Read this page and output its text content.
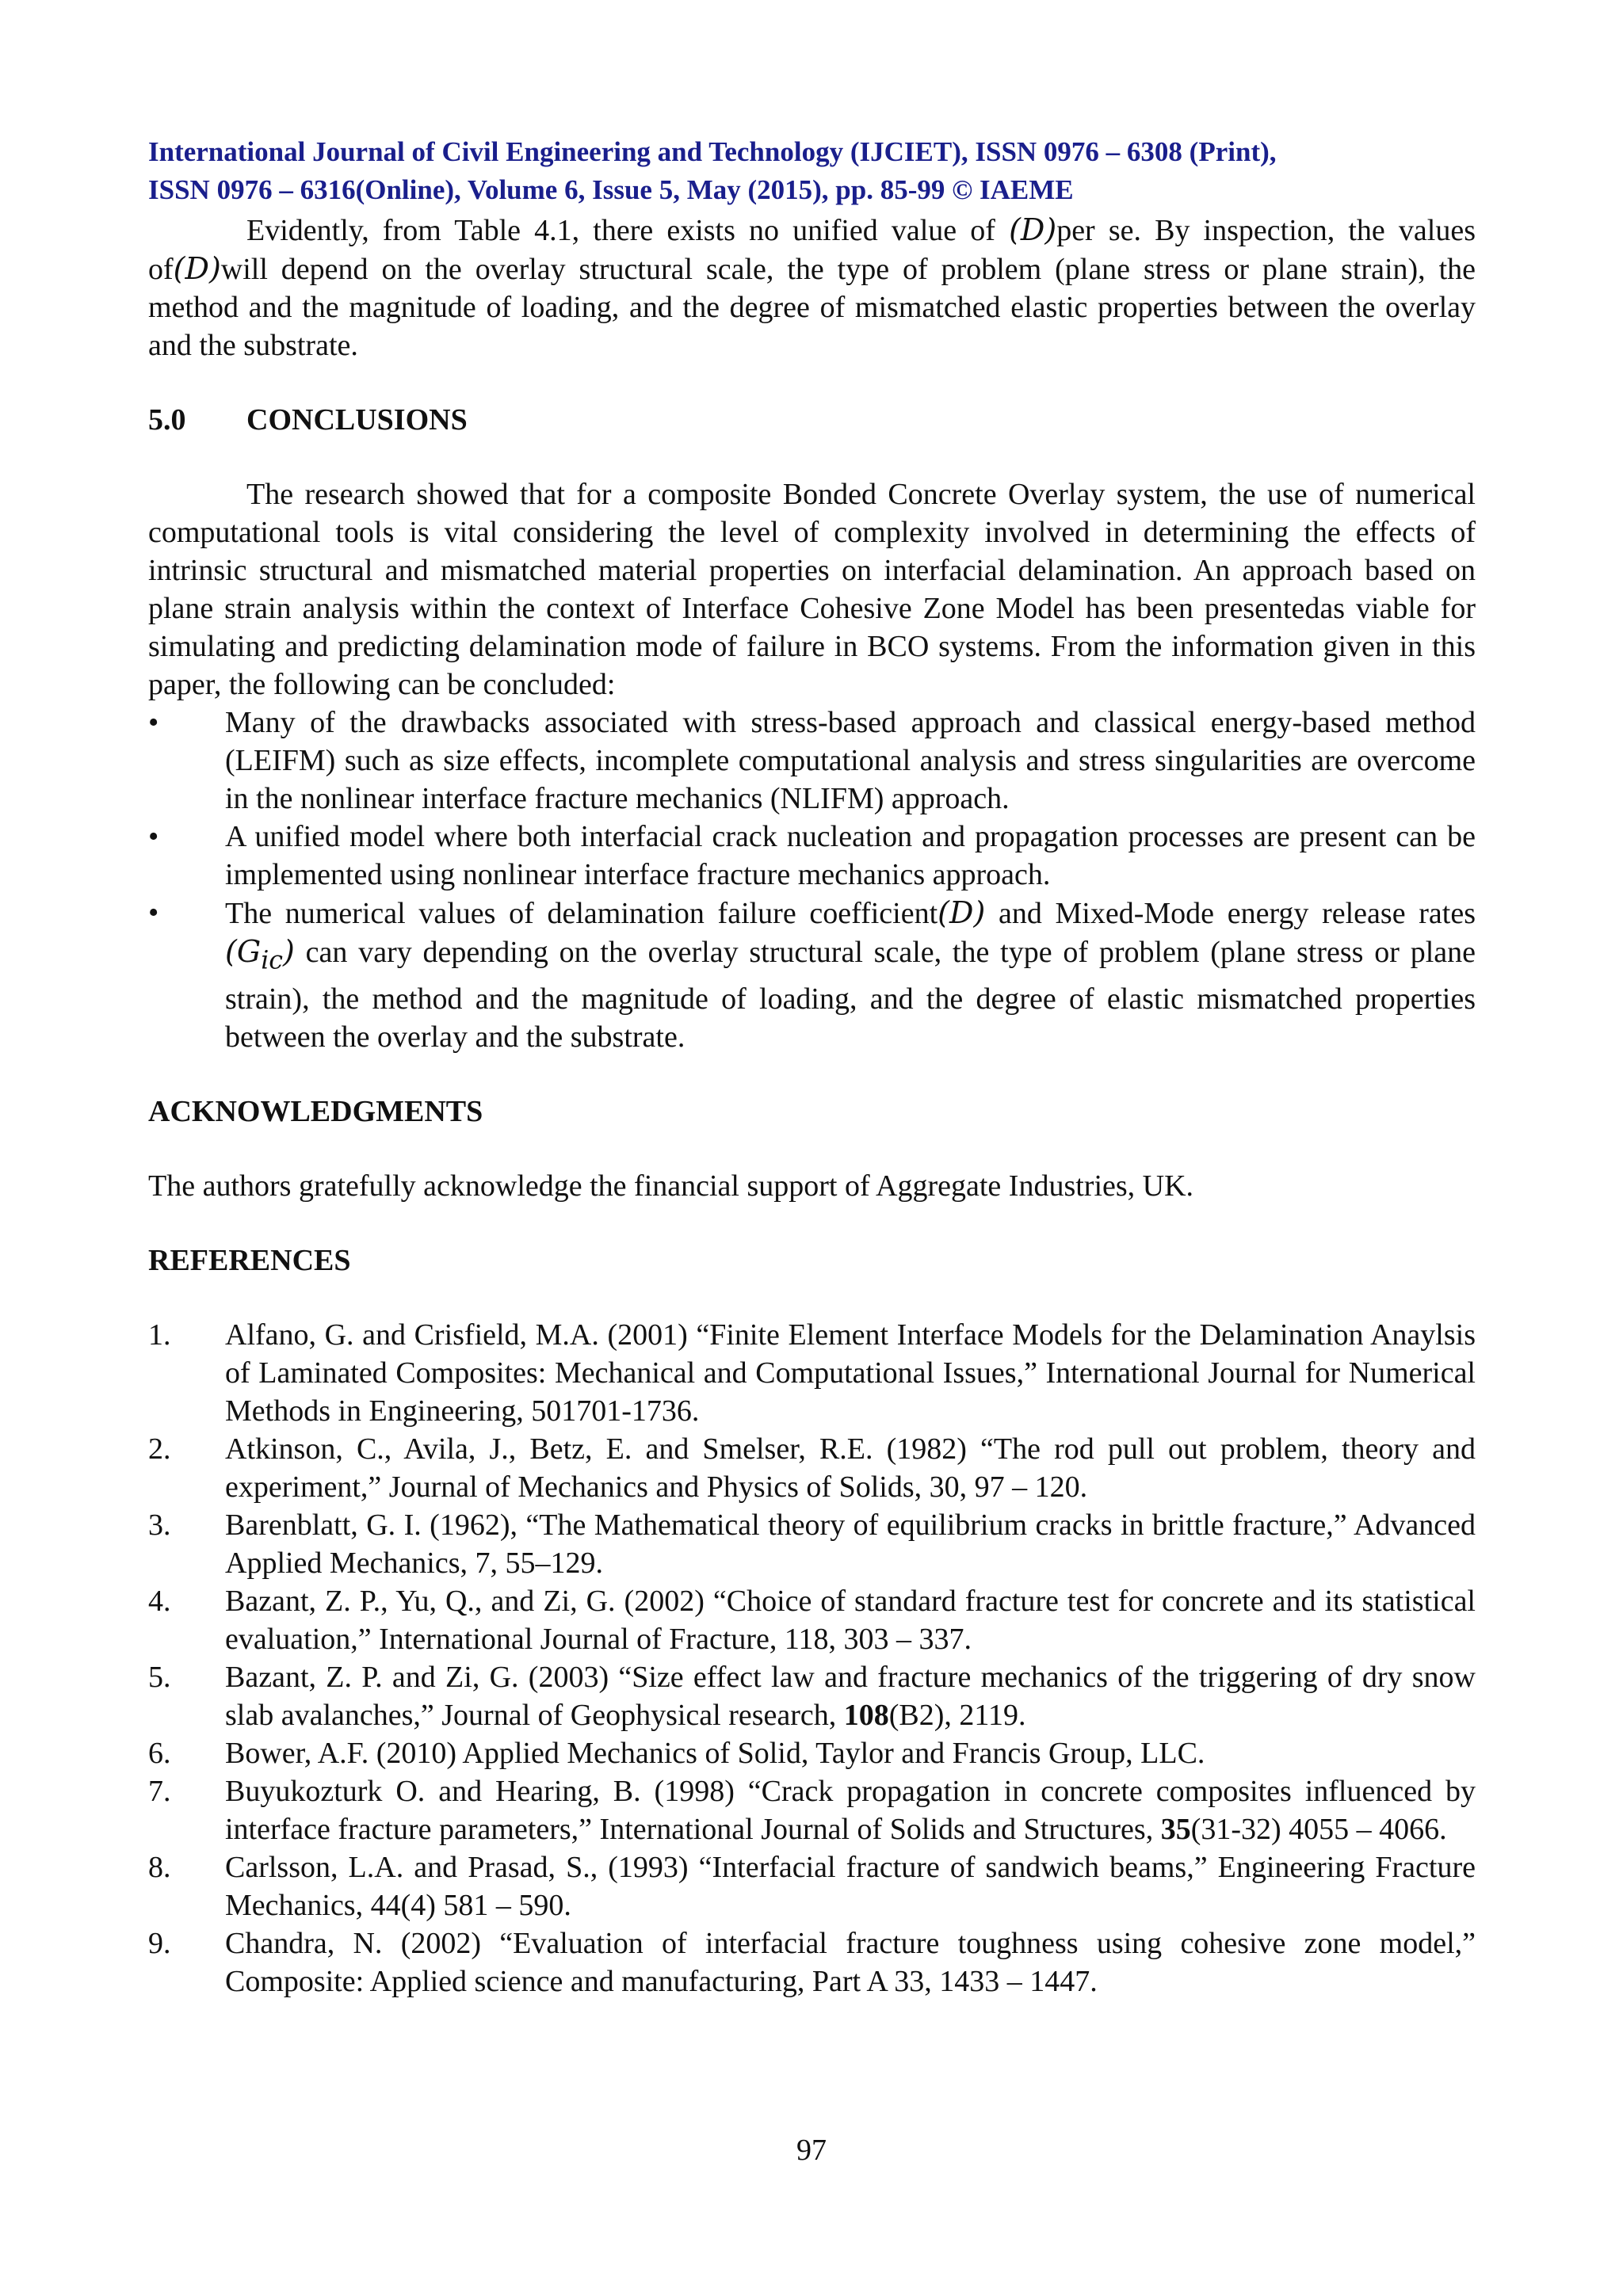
International Journal of Civil Engineering and Technology (IJCIET), ISSN 0976 – 6308 (Print),

ISSN 0976 – 6316(Online), Volume 6, Issue 5, May (2015), pp. 85-99 © IAEME

Evidently, from Table 4.1, there exists no unified value of (D)per se. By inspection, the values of(D)will depend on the overlay structural scale, the type of problem (plane stress or plane strain), the method and the magnitude of loading, and the degree of mismatched elastic properties between the overlay and the substrate.

5.0 CONCLUSIONS

The research showed that for a composite Bonded Concrete Overlay system, the use of numerical computational tools is vital considering the level of complexity involved in determining the effects of intrinsic structural and mismatched material properties on interfacial delamination. An approach based on plane strain analysis within the context of Interface Cohesive Zone Model has been presentedas viable for simulating and predicting delamination mode of failure in BCO systems. From the information given in this paper, the following can be concluded:

•	Many of the drawbacks associated with stress-based approach and classical energy-based method (LEIFM) such as size effects, incomplete computational analysis and stress singularities are overcome in the nonlinear interface fracture mechanics (NLIFM) approach.
•	A unified model where both interfacial crack nucleation and propagation processes are present can be implemented using nonlinear interface fracture mechanics approach.
•	The numerical values of delamination failure coefficient(D) and Mixed-Mode energy release rates $(G_{ic})$ can vary depending on the overlay structural scale, the type of problem (plane stress or plane strain), the method and the magnitude of loading, and the degree of elastic mismatched properties between the overlay and the substrate.

ACKNOWLEDGMENTS

The authors gratefully acknowledge the financial support of Aggregate Industries, UK.

REFERENCES

1. Alfano, G. and Crisfield, M.A. (2001) “Finite Element Interface Models for the Delamination Anaylsis of Laminated Composites: Mechanical and Computational Issues,” International Journal for Numerical Methods in Engineering, 501701-1736.
2. Atkinson, C., Avila, J., Betz, E. and Smelser, R.E. (1982) “The rod pull out problem, theory and experiment,” Journal of Mechanics and Physics of Solids, 30, 97 – 120.
3. Barenblatt, G. I. (1962), “The Mathematical theory of equilibrium cracks in brittle fracture,” Advanced Applied Mechanics, 7, 55–129.
4. Bazant, Z. P., Yu, Q., and Zi, G. (2002) “Choice of standard fracture test for concrete and its statistical evaluation,” International Journal of Fracture, 118, 303 – 337.
5. Bazant, Z. P. and Zi, G. (2003) “Size effect law and fracture mechanics of the triggering of dry snow slab avalanches,” Journal of Geophysical research, 108(B2), 2119.
6. Bower, A.F. (2010) Applied Mechanics of Solid, Taylor and Francis Group, LLC.
7. Buyukozturk O. and Hearing, B. (1998) “Crack propagation in concrete composites influenced by interface fracture parameters,” International Journal of Solids and Structures, 35(31-32) 4055 – 4066.
8. Carlsson, L.A. and Prasad, S., (1993) “Interfacial fracture of sandwich beams,” Engineering Fracture Mechanics, 44(4) 581 – 590.
9. Chandra, N. (2002) “Evaluation of interfacial fracture toughness using cohesive zone model,” Composite: Applied science and manufacturing, Part A 33, 1433 – 1447.
97
